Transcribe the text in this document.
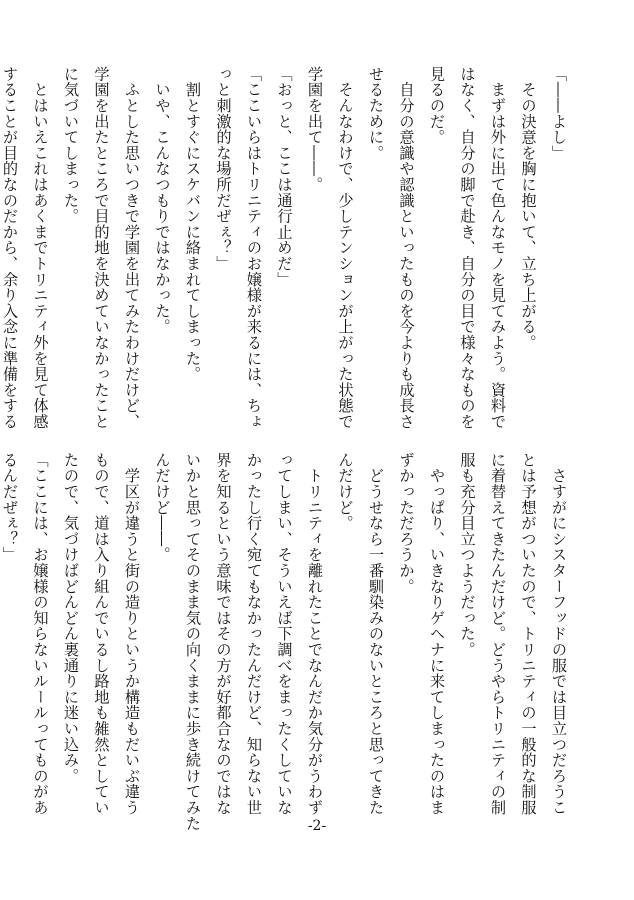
「――よし」
　その決意を胸に抱いて、立ち上がる。
　まずは外に出て色んなモノを見てみよう。資料で
はなく、自分の脚で赴き、自分の目で様々なものを
見るのだ。
　自分の意識や認識といったものを今よりも成長さ
せるために。
　そんなわけで、少しテンションが上がった状態で
学園を出て――。
「おっと、ここは通行止めだ」
「ここいらはトリニティのお嬢様が来るには、ちょ
っと刺激的な場所だぜぇ？」
　割とすぐにスケバンに絡まれてしまった。
　いや、こんなつもりではなかった。
　ふとした思いつきで学園を出てみたわけだけど、
学園を出たところで目的地を決めていなかったこと
に気づいてしまった。
　とはいえこれはあくまでトリニティ外を見て体感
することが目的なのだから、余り入念に準備をする
　さすがにシスターフッドの服では目立つだろうこ
とは予想がついたので、トリニティの一般的な制服
に着替えてきたんだけど。どうやらトリニティの制
服も充分目立つようだった。
　やっぱり、いきなりゲヘナに来てしまったのはま
ずかっただろうか。
　どうせなら一番馴染みのないところと思ってきた
んだけど。
　トリニティを離れたことでなんだか気分がうわず
ってしまい、そういえば下調べをまったくしていな
かったし行く宛てもなかったんだけど、知らない世
界を知るという意味ではその方が好都合なのではな
いかと思ってそのまま気の向くままに歩き続けてみた
んだけど――。
　学区が違うと街の造りというか構造もだいぶ違う
もので、道は入り組んでいるし路地も雑然としてい
たので、気づけばどんどん裏通りに迷い込み。
「ここには、お嬢様の知らないルールってものがあ
るんだぜぇ？」
-2-
